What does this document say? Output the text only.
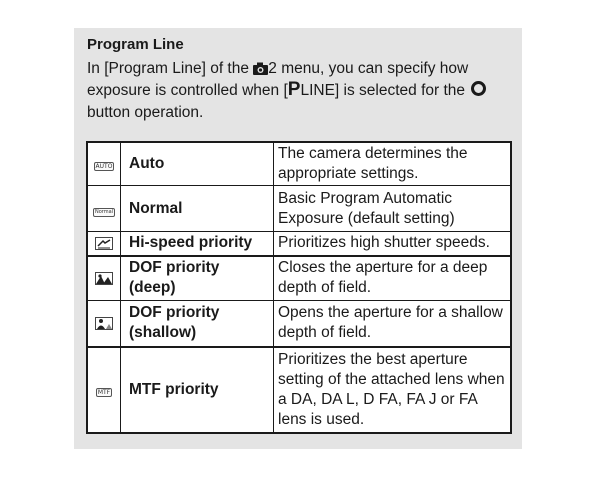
Program Line
In [Program Line] of the 2 menu, you can specify how exposure is controlled when [PLINE] is selected for the
button operation.
AUTO	Auto	The camera determines the appropriate settings.
Normal	Normal	Basic Program Automatic Exposure (default setting)
	Hi-speed priority	Prioritizes high shutter speeds.
	DOF priority (deep)	Closes the aperture for a deep depth of field.
	DOF priority (shallow)	Opens the aperture for a shallow depth of field.
MTF	MTF priority	Prioritizes the best aperture setting of the attached lens when a DA, DA L, D FA, FA J or FA lens is used.
